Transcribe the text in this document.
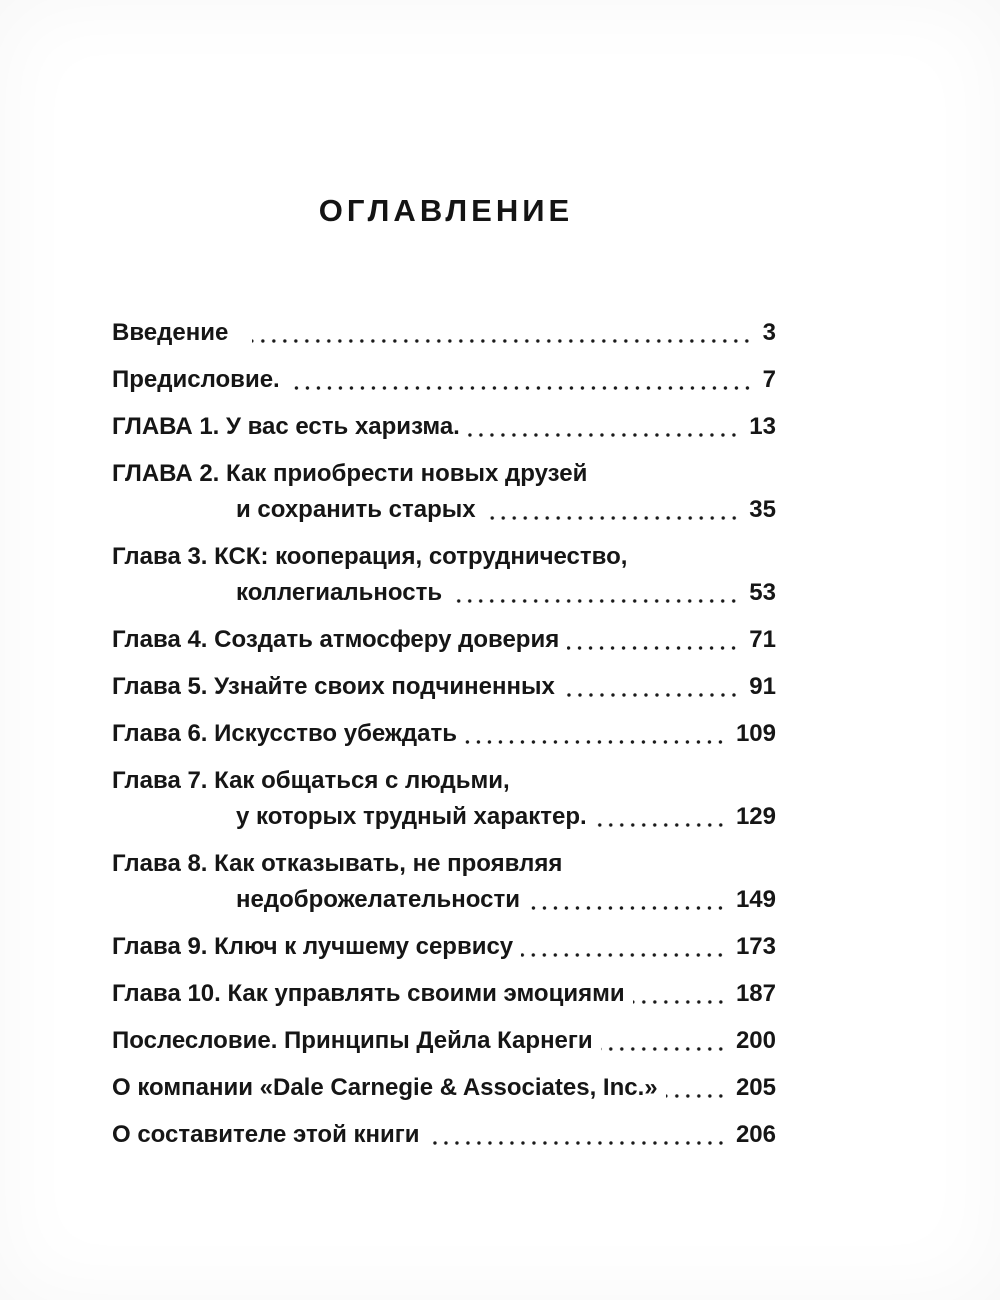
ОГЛАВЛЕНИЕ
Введение	3
Предисловие.	7
ГЛАВА 1. У вас есть харизма.	13
ГЛАВА 2. Как приобрести новых друзей
и сохранить старых	35
Глава 3. КСК: кооперация, сотрудничество,
коллегиальность	53
Глава 4. Создать атмосферу доверия	71
Глава 5. Узнайте своих подчиненных	91
Глава 6. Искусство убеждать	109
Глава 7. Как общаться с людьми,
у которых трудный характер.	129
Глава 8. Как отказывать, не проявляя
недоброжелательности	149
Глава 9. Ключ к лучшему сервису	173
Глава 10. Как управлять своими эмоциями	187
Послесловие. Принципы Дейла Карнеги	200
О компании «Dale Carnegie & Associates, Inc.»	205
О составителе этой книги	206
